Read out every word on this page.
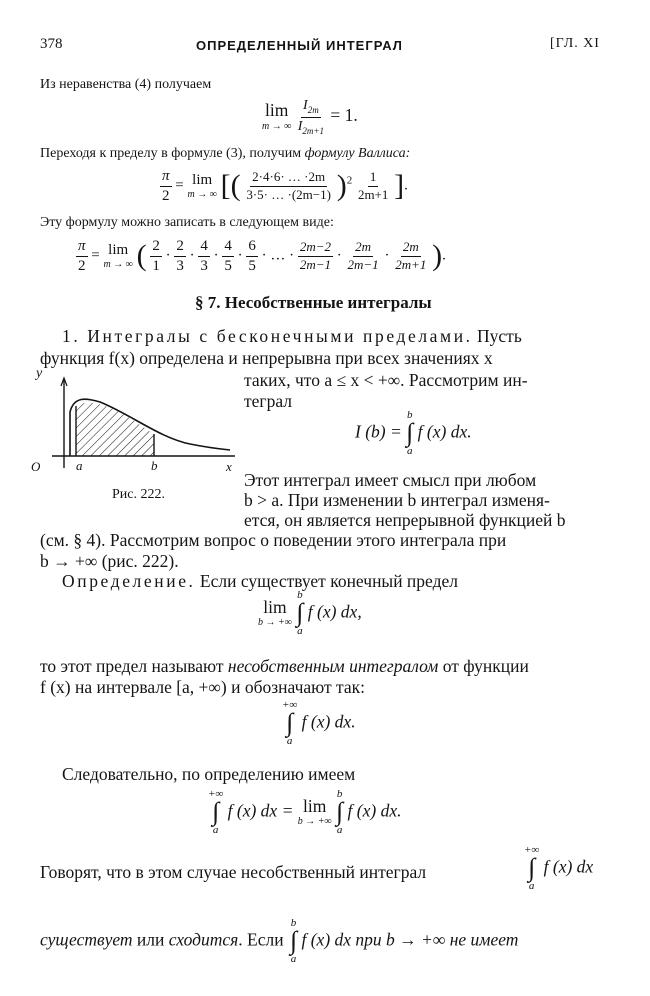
378	ОПРЕДЕЛЕННЫЙ ИНТЕГРАЛ	[ГЛ. XI
Из неравенства (4) получаем
lim
m → ∞
$\frac{I_{2m}}{I_{2m+1}} = 1$.
Переходя к пределу в формуле (3), получим формулу Валлиса:
$\frac{\pi}{2} = \lim$
m → ∞ [( $\frac{2\cdot 4\cdot 6\cdot \dots \cdot 2m}{3\cdot 5\cdot \dots \cdot(2m-1)} )^2 \frac{1}{2m+1}$ ].
Эту формулу можно записать в следующем виде:
$\frac{\pi}{2} = \lim$
m → ∞ ( $\frac{2}{1} \cdot \frac{2}{3} \cdot \frac{4}{3} \cdot \frac{4}{5} \cdot \frac{6}{5}$ · … · $\frac{2m-2}{2m-1} \cdot \frac{2m}{2m-1} \cdot \frac{2m}{2m+1}$ ).
§ 7. Несобственные интегралы
1. Интегралы с бесконечными пределами. Пусть
функция f(x) определена и непрерывна при всех значениях x
таких, что a ≤ x < +∞. Рассмотрим ин-
теграл
y
x
O	a	b
Рис. 222.
I (b) =
b
∫
a
f (x) dx.
Этот интеграл имеет смысл при любом
b > a. При изменении b интеграл изменя-
ется, он является непрерывной функцией b
(см. § 4). Рассмотрим вопрос о поведении этого интеграла при
b → +∞ (рис. 222).
Определение. Если существует конечный предел
lim
b → +∞

b
∫
a
f (x) dx,
то этот предел называют несобственным интегралом от функции
f (x) на интервале [a, +∞) и обозначают так:
+∞
∫
a
f (x) dx.
Следовательно, по определению имеем
+∞
∫
a
f (x) dx = lim
b → +∞

b
∫
a
f (x) dx.
Говорят, что в этом случае несобственный интеграл
+∞
∫
a
f (x) dx
существует или сходится. Если
b
∫
a
f (x) dx при b → +∞ не имеет
